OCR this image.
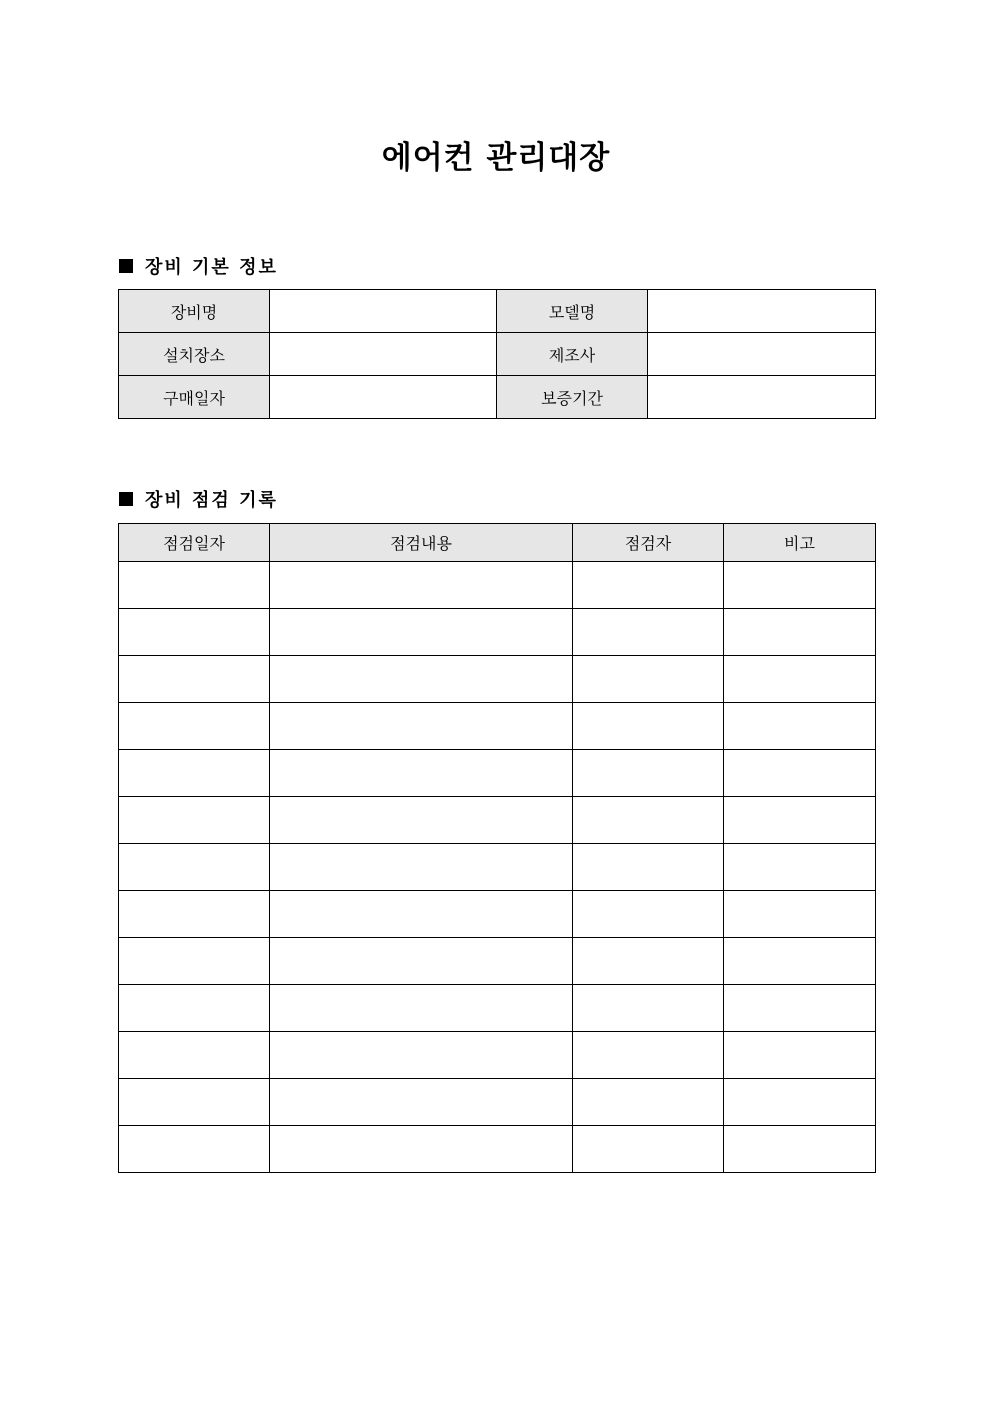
에어컨 관리대장
장비 기본 정보
장비명		모델명	
설치장소		제조사	
구매일자		보증기간	
장비 점검 기록
점검일자	점검내용	점검자	비고
